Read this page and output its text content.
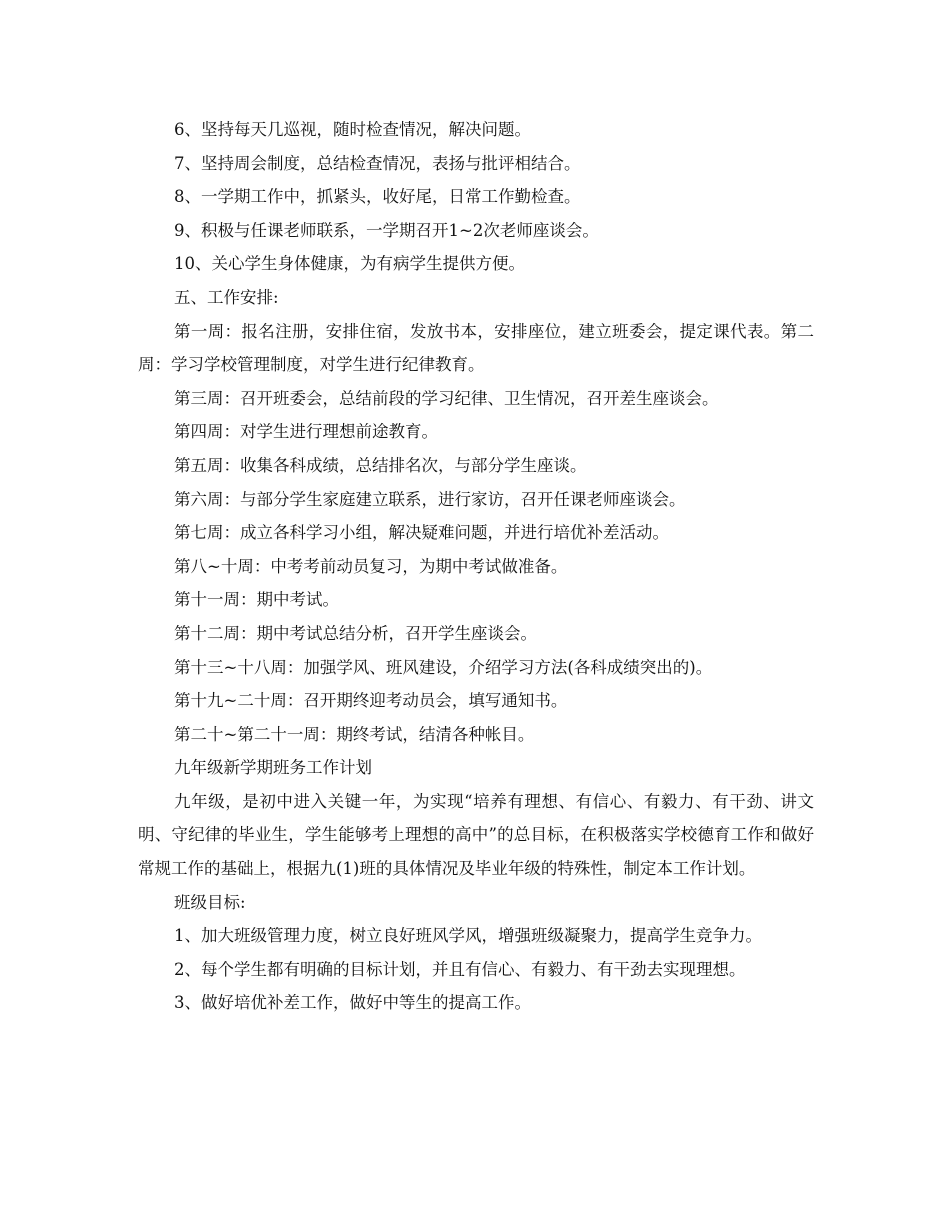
6、坚持每天几巡视，随时检查情况，解决问题。

7、坚持周会制度，总结检查情况，表扬与批评相结合。

8、一学期工作中，抓紧头，收好尾，日常工作勤检查。

9、积极与任课老师联系，一学期召开1~2次老师座谈会。

10、关心学生身体健康，为有病学生提供方便。

五、工作安排:

第一周：报名注册，安排住宿，发放书本，安排座位，建立班委会，提定课代表。第二周：学习学校管理制度，对学生进行纪律教育。

第三周：召开班委会，总结前段的学习纪律、卫生情况，召开差生座谈会。

第四周：对学生进行理想前途教育。

第五周：收集各科成绩，总结排名次，与部分学生座谈。

第六周：与部分学生家庭建立联系，进行家访，召开任课老师座谈会。

第七周：成立各科学习小组，解决疑难问题，并进行培优补差活动。

第八~十周：中考考前动员复习，为期中考试做准备。

第十一周：期中考试。

第十二周：期中考试总结分析，召开学生座谈会。

第十三~十八周：加强学风、班风建设，介绍学习方法(各科成绩突出的)。

第十九~二十周：召开期终迎考动员会，填写通知书。

第二十~第二十一周：期终考试，结清各种帐目。

九年级新学期班务工作计划

九年级，是初中进入关键一年，为实现“培养有理想、有信心、有毅力、有干劲、讲文明、守纪律的毕业生，学生能够考上理想的高中”的总目标，在积极落实学校德育工作和做好常规工作的基础上，根据九(1)班的具体情况及毕业年级的特殊性，制定本工作计划。

班级目标:

1、加大班级管理力度，树立良好班风学风，增强班级凝聚力，提高学生竞争力。

2、每个学生都有明确的目标计划，并且有信心、有毅力、有干劲去实现理想。

3、做好培优补差工作，做好中等生的提高工作。
